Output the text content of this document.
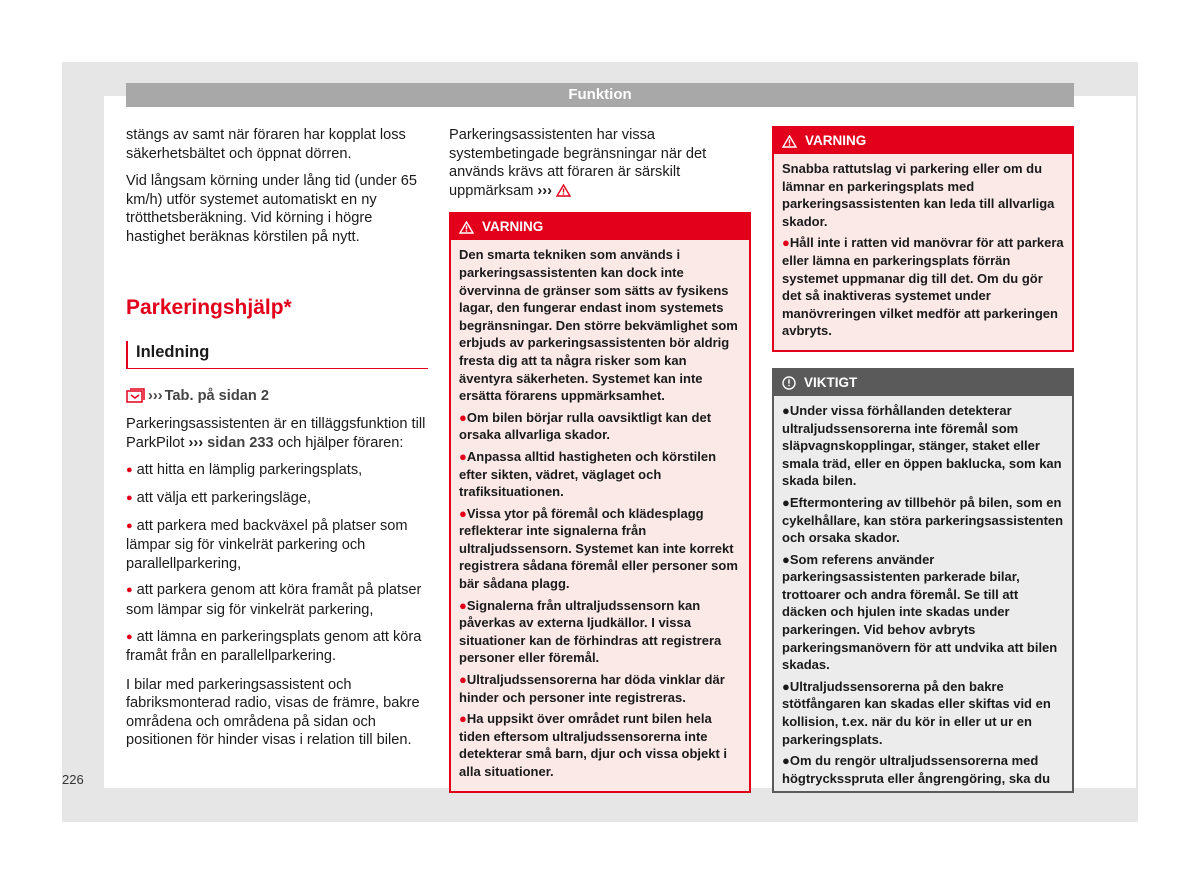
Funktion

stängs av samt när föraren har kopplat loss säkerhetsbältet och öppnat dörren.

Vid långsam körning under lång tid (under 65 km/h) utför systemet automatiskt en ny trötthetsberäkning. Vid körning i högre hastighet beräknas körstilen på nytt.

Parkeringshjälp*
Inledning
››› Tab. på sidan 2

Parkeringsassistenten är en tilläggsfunktion till ParkPilot ››› sidan 233 och hjälper föraren:

● att hitta en lämplig parkeringsplats,
● att välja ett parkeringsläge,
● att parkera med backväxel på platser som lämpar sig för vinkelrät parkering och parallellparkering,
● att parkera genom att köra framåt på platser som lämpar sig för vinkelrät parkering,
● att lämna en parkeringsplats genom att köra framåt från en parallellparkering.

I bilar med parkeringsassistent och fabriksmonterad radio, visas de främre, bakre områdena och områdena på sidan och positionen för hinder visas i relation till bilen.

Parkeringsassistenten har vissa systembetingade begränsningar när det används krävs att föraren är särskilt uppmärksam ›››

VARNING

Den smarta tekniken som används i parkeringsassistenten kan dock inte övervinna de gränser som sätts av fysikens lagar, den fungerar endast inom systemets begränsningar. Den större bekvämlighet som erbjuds av parkeringsassistenten bör aldrig fresta dig att ta några risker som kan äventyra säkerheten. Systemet kan inte ersätta förarens uppmärksamhet.

● Om bilen börjar rulla oavsiktligt kan det orsaka allvarliga skador.

● Anpassa alltid hastigheten och körstilen efter sikten, vädret, väglaget och trafiksituationen.

● Vissa ytor på föremål och klädesplagg reflekterar inte signalerna från ultraljudssensorn. Systemet kan inte korrekt registrera sådana föremål eller personer som bär sådana plagg.

● Signalerna från ultraljudssensorn kan påverkas av externa ljudkällor. I vissa situationer kan de förhindras att registrera personer eller föremål.

● Ultraljudssensorerna har döda vinklar där hinder och personer inte registreras.

● Ha uppsikt över området runt bilen hela tiden eftersom ultraljudssensorerna inte detekterar små barn, djur och vissa objekt i alla situationer.

VARNING

Snabba rattutslag vi parkering eller om du lämnar en parkeringsplats med parkeringsassistenten kan leda till allvarliga skador.

● Håll inte i ratten vid manövrar för att parkera eller lämna en parkeringsplats förrän systemet uppmanar dig till det. Om du gör det så inaktiveras systemet under manövreringen vilket medför att parkeringen avbryts.

VIKTIGT

● Under vissa förhållanden detekterar ultraljudssensorerna inte föremål som släpvagnskopplingar, stänger, staket eller smala träd, eller en öppen baklucka, som kan skada bilen.

● Eftermontering av tillbehör på bilen, som en cykelhållare, kan störa parkeringsassistenten och orsaka skador.

● Som referens använder parkeringsassistenten parkerade bilar, trottoarer och andra föremål. Se till att däcken och hjulen inte skadas under parkeringen. Vid behov avbryts parkeringsmanövern för att undvika att bilen skadas.

● Ultraljudssensorerna på den bakre stötfångaren kan skadas eller skiftas vid en kollision, t.ex. när du kör in eller ut ur en parkeringsplats.

● Om du rengör ultraljudssensorerna med högtrycksspruta eller ångrengöring, ska du

226
